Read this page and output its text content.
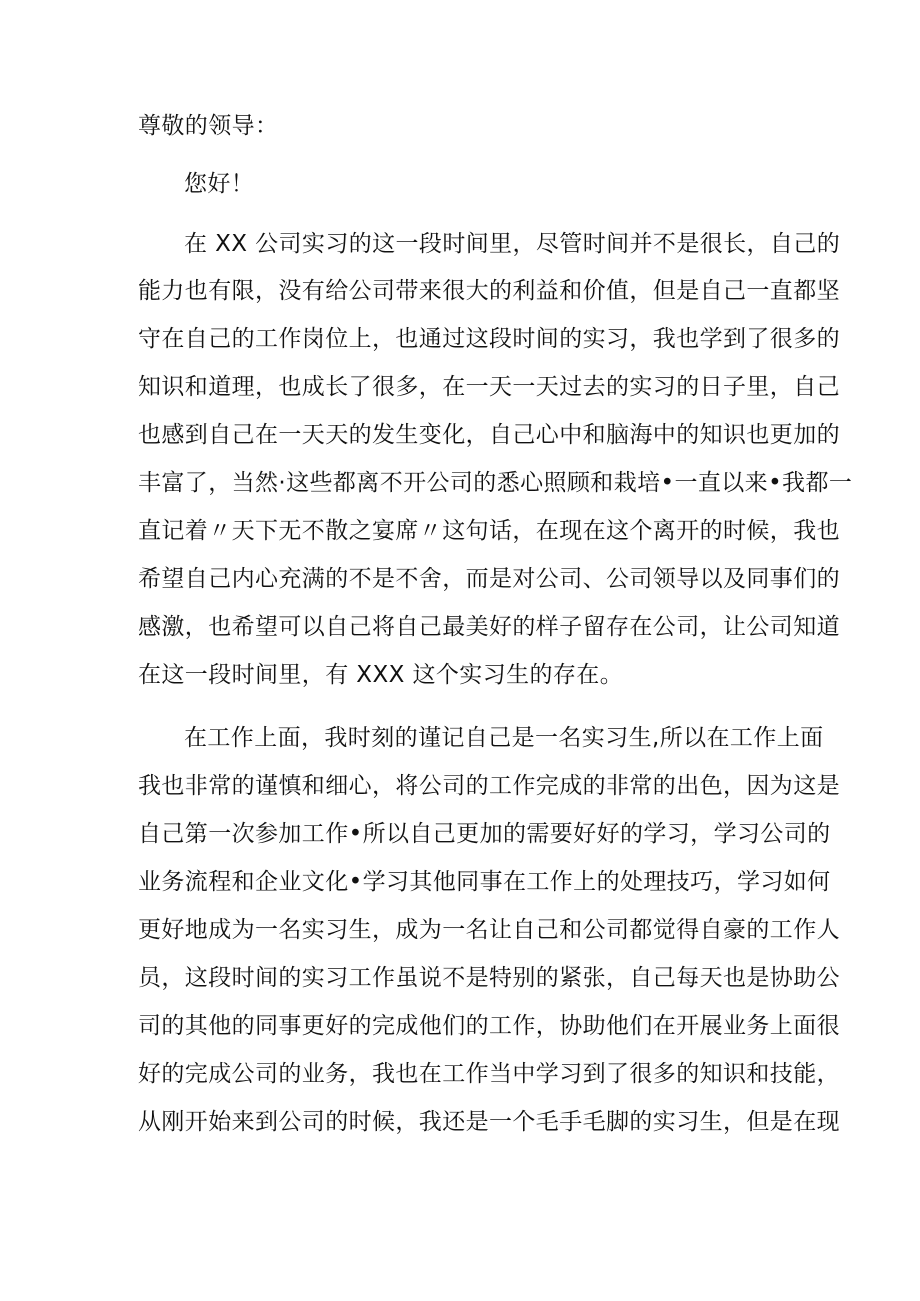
尊敬的领导：
您好！
在 XX 公司实习的这一段时间里，尽管时间并不是很长，自己的
能力也有限，没有给公司带来很大的利益和价值，但是自己一直都坚
守在自己的工作岗位上，也通过这段时间的实习，我也学到了很多的
知识和道理，也成长了很多，在一天一天过去的实习的日子里，自己
也感到自己在一天天的发生变化，自己心中和脑海中的知识也更加的
丰富了，当然·这些都离不开公司的悉心照顾和栽培•一直以来•我都一
直记着〃天下无不散之宴席〃这句话，在现在这个离开的时候，我也
希望自己内心充满的不是不舍，而是对公司、公司领导以及同事们的
感激，也希望可以自己将自己最美好的样子留存在公司，让公司知道
在这一段时间里，有 XXX 这个实习生的存在。
在工作上面，我时刻的谨记自己是一名实习生,所以在工作上面
我也非常的谨慎和细心，将公司的工作完成的非常的出色，因为这是
自己第一次参加工作•所以自己更加的需要好好的学习，学习公司的
业务流程和企业文化•学习其他同事在工作上的处理技巧，学习如何
更好地成为一名实习生，成为一名让自己和公司都觉得自豪的工作人
员，这段时间的实习工作虽说不是特别的紧张，自己每天也是协助公
司的其他的同事更好的完成他们的工作，协助他们在开展业务上面很
好的完成公司的业务，我也在工作当中学习到了很多的知识和技能，
从刚开始来到公司的时候，我还是一个毛手毛脚的实习生，但是在现
